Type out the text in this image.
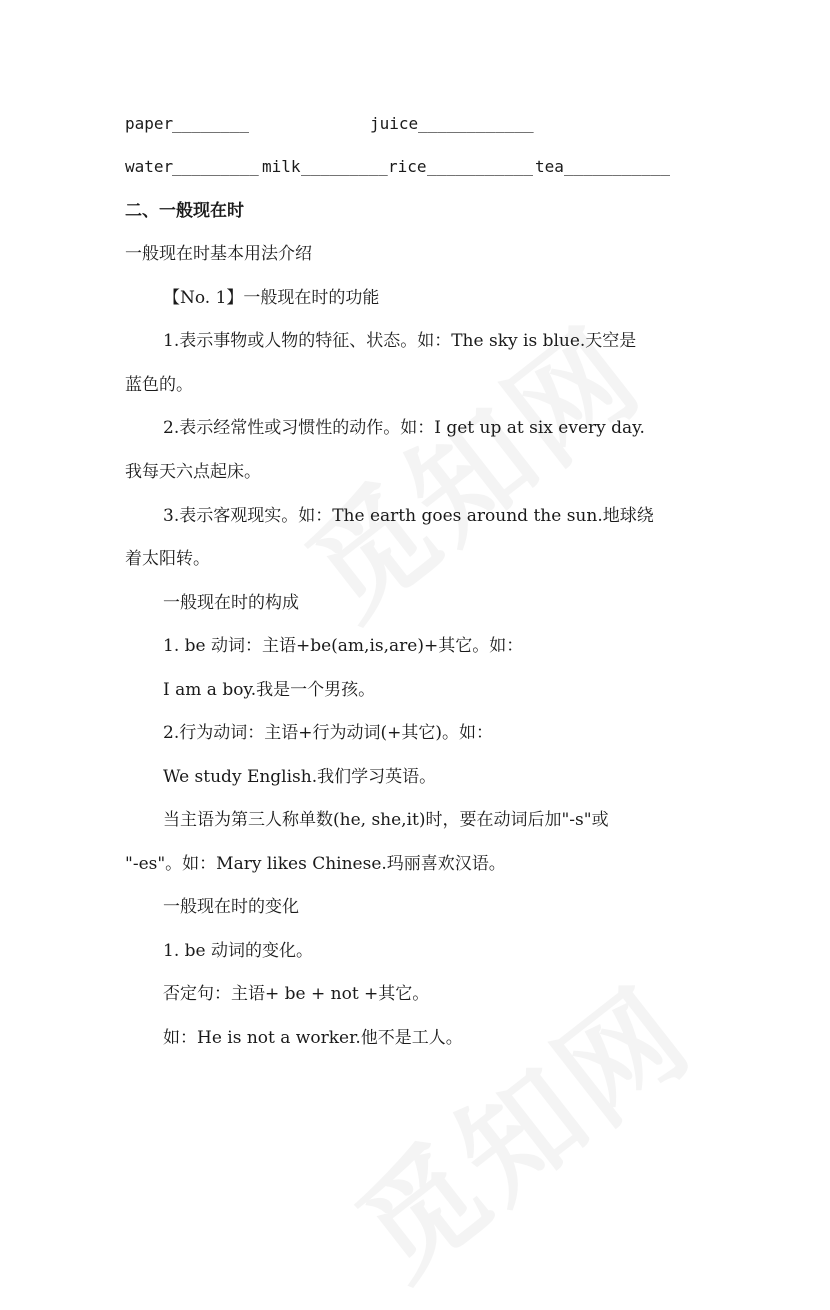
paper
________	juice ____________
water
_________ milk _________ rice ___________ tea ___________
二、一般现在时
一般现在时基本用法介绍
【No. 1】一般现在时的功能
1.表示事物或人物的特征、状态。如：The sky is blue.天空是
蓝色的。
2.表示经常性或习惯性的动作。如：I get up at six every day.
我每天六点起床。
3.表示客观现实。如：The earth goes around the sun.地球绕
着太阳转。
一般现在时的构成
1. be 动词：主语+be(am,is,are)+其它。如：
I am a boy.我是一个男孩。
2.行为动词：主语+行为动词(+其它)。如：
We study English.我们学习英语。
当主语为第三人称单数(he, she,it)时，要在动词后加"-s"或
"-es"。如：Mary likes Chinese.玛丽喜欢汉语。
一般现在时的变化
1. be 动词的变化。
否定句：主语+ be + not +其它。
如：He is not a worker.他不是工人。
